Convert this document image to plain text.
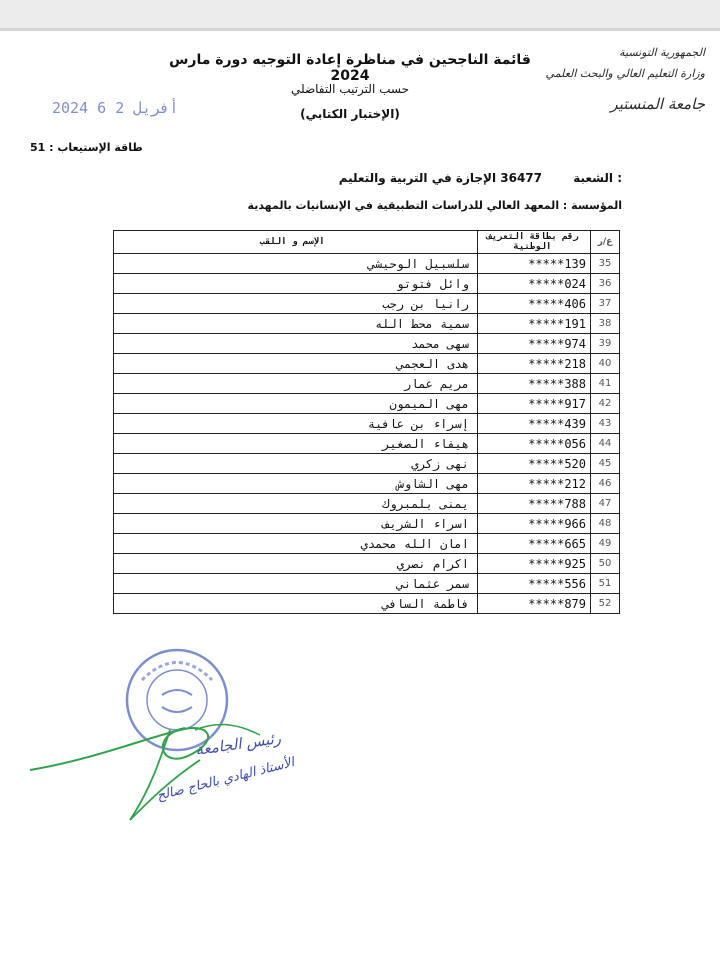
الجمهورية التونسية
وزارة التعليم العالي والبحث العلمي
جامعة المنستير
قائمة الناجحين في مناظرة إعادة التوجيه دورة مارس 2024
حسب الترتيب التفاضلي
(الإختبار الكتابي)
2024 أفريل 2 6
طاقة الإستيعاب : 51
الشعبة :
36477 الإجازة في التربية والتعليم
المؤسسة : المعهد العالي للدراسات التطبيقية في الإنسانيات بالمهدية
الإسم و اللقب	رقم بطاقة التعريف الوطنية	ع/ر
سلسبيل الوحيشي	*****139	35
وائل فتوتو	*****024	36
رانيا بن رجب	*****406	37
سمية محط الله	*****191	38
سهى محمد	*****974	39
هدى العجمي	*****218	40
مريم عمار	*****388	41
مهى الميمون	*****917	42
إسراء بن عافية	*****439	43
هيفاء الصغير	*****056	44
نهى زكري	*****520	45
مهى الشاوش	*****212	46
يمنى بلمبروك	*****788	47
اسراء الشريف	*****966	48
امان الله محمدي	*****665	49
اكرام نصري	*****925	50
سمر عثماني	*****556	51
فاطمة السافي	*****879	52
رئيس الجامعة
الأستاذ الهادي بالحاج صالح
